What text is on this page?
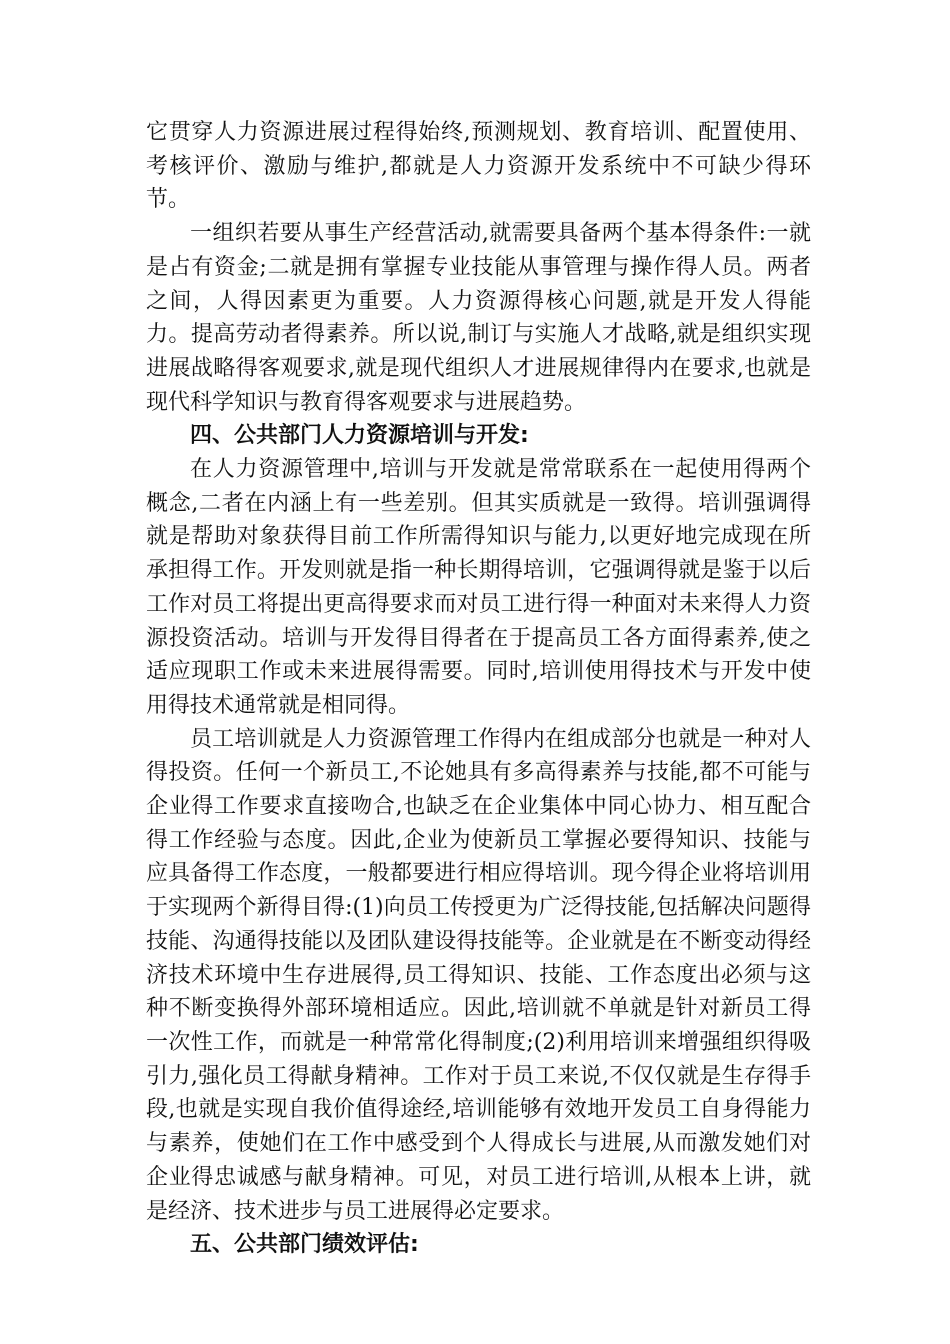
它贯穿人力资源进展过程得始终,预测规划、教育培训、配置使用、考核评价、激励与维护,都就是人力资源开发系统中不可缺少得环节。

一组织若要从事生产经营活动,就需要具备两个基本得条件:一就是占有资金;二就是拥有掌握专业技能从事管理与操作得人员。两者之间，人得因素更为重要。人力资源得核心问题,就是开发人得能力。提高劳动者得素养。所以说,制订与实施人才战略,就是组织实现进展战略得客观要求,就是现代组织人才进展规律得内在要求,也就是现代科学知识与教育得客观要求与进展趋势。

四、公共部门人力资源培训与开发:

在人力资源管理中,培训与开发就是常常联系在一起使用得两个概念,二者在内涵上有一些差别。但其实质就是一致得。培训强调得就是帮助对象获得目前工作所需得知识与能力,以更好地完成现在所承担得工作。开发则就是指一种长期得培训，它强调得就是鉴于以后工作对员工将提出更高得要求而对员工进行得一种面对未来得人力资源投资活动。培训与开发得目得者在于提高员工各方面得素养,使之适应现职工作或未来进展得需要。同时,培训使用得技术与开发中使用得技术通常就是相同得。

员工培训就是人力资源管理工作得内在组成部分也就是一种对人得投资。任何一个新员工,不论她具有多高得素养与技能,都不可能与企业得工作要求直接吻合,也缺乏在企业集体中同心协力、相互配合得工作经验与态度。因此,企业为使新员工掌握必要得知识、技能与应具备得工作态度，一般都要进行相应得培训。现今得企业将培训用于实现两个新得目得:(1)向员工传授更为广泛得技能,包括解决问题得技能、沟通得技能以及团队建设得技能等。企业就是在不断变动得经济技术环境中生存进展得,员工得知识、技能、工作态度出必须与这种不断变换得外部环境相适应。因此,培训就不单就是针对新员工得一次性工作，而就是一种常常化得制度;(2)利用培训来增强组织得吸引力,强化员工得献身精神。工作对于员工来说,不仅仅就是生存得手段,也就是实现自我价值得途经,培训能够有效地开发员工自身得能力与素养，使她们在工作中感受到个人得成长与进展,从而激发她们对企业得忠诚感与献身精神。可见，对员工进行培训,从根本上讲，就是经济、技术进步与员工进展得必定要求。

五、公共部门绩效评估:
